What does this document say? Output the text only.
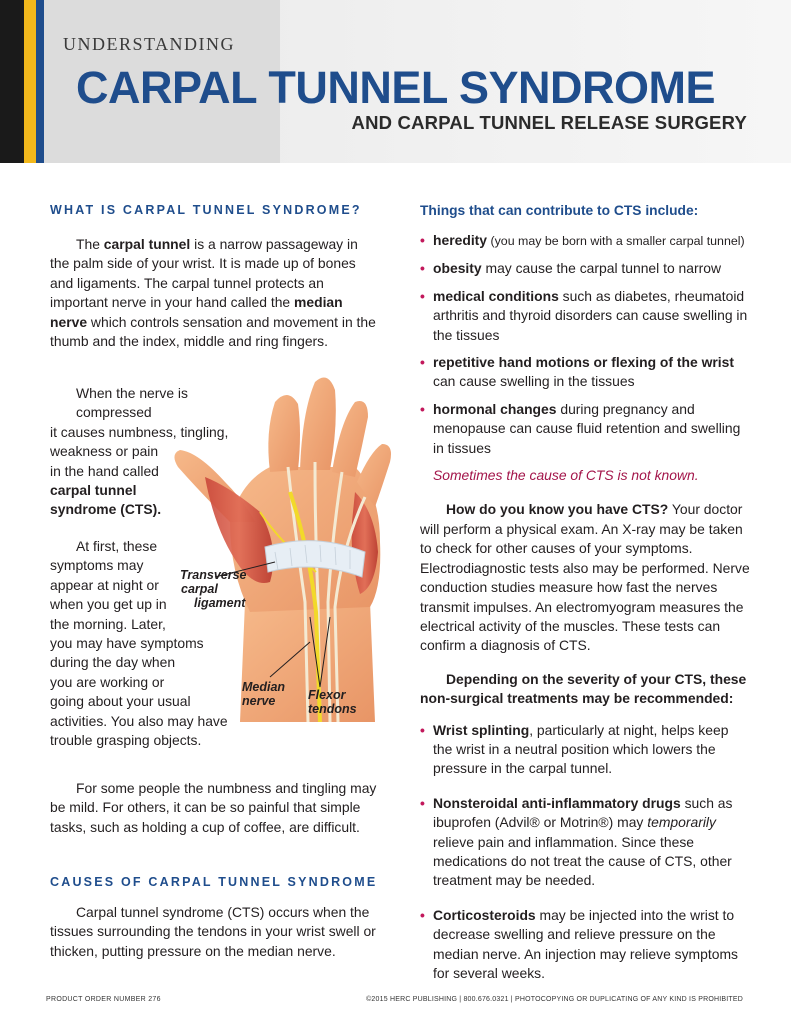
UNDERSTANDING
CARPAL TUNNEL SYNDROME
AND CARPAL TUNNEL RELEASE SURGERY
WHAT IS CARPAL TUNNEL SYNDROME?

The carpal tunnel is a narrow passageway in the palm side of your wrist. It is made up of bones and ligaments. The carpal tunnel protects an important nerve in your hand called the median nerve which controls sensation and movement in the thumb and the index, middle and ring fingers.

When the nerve is compressed
it causes numbness, tingling,
weakness or pain
in the hand called
carpal tunnel
syndrome (CTS).

At first, these
symptoms may
appear at night or
when you get up in
the morning. Later,
you may have symptoms
during the day when
you are working or
going about your usual
activities. You also may have
trouble grasping objects.

For some people the numbness and tingling may be mild. For others, it can be so painful that simple tasks, such as holding a cup of coffee, are difficult.

CAUSES OF CARPAL TUNNEL SYNDROME

Carpal tunnel syndrome (CTS) occurs when the tissues surrounding the tendons in your wrist swell or thicken, putting pressure on the median nerve.

Transverse
carpal
ligament
Median
nerve	Flexor
tendons
Things that can contribute to CTS include:
• heredity (you may be born with a smaller carpal tunnel)
• obesity may cause the carpal tunnel to narrow
• medical conditions such as diabetes, rheumatoid arthritis and thyroid disorders can cause swelling in the tissues
• repetitive hand motions or flexing of the wrist can cause swelling in the tissues
• hormonal changes during pregnancy and menopause can cause fluid retention and swelling in tissues
Sometimes the cause of CTS is not known.

How do you know you have CTS? Your doctor will perform a physical exam. An X-ray may be taken to check for other causes of your symptoms. Electrodiagnostic tests also may be performed. Nerve conduction studies measure how fast the nerves transmit impulses. An electromyogram measures the electrical activity of the muscles. These tests can confirm a diagnosis of CTS.

Depending on the severity of your CTS, these non-surgical treatments may be recommended:

• Wrist splinting, particularly at night, helps keep the wrist in a neutral position which lowers the pressure in the carpal tunnel.
• Nonsteroidal anti-inflammatory drugs such as ibuprofen (Advil® or Motrin®) may temporarily relieve pain and inflammation. Since these medications do not treat the cause of CTS, other treatment may be needed.
• Corticosteroids may be injected into the wrist to decrease swelling and relieve pressure on the median nerve. An injection may relieve symptoms for several weeks.
PRODUCT ORDER NUMBER 276	©2015 HERC PUBLISHING | 800.676.0321 | PHOTOCOPYING OR DUPLICATING OF ANY KIND IS PROHIBITED
